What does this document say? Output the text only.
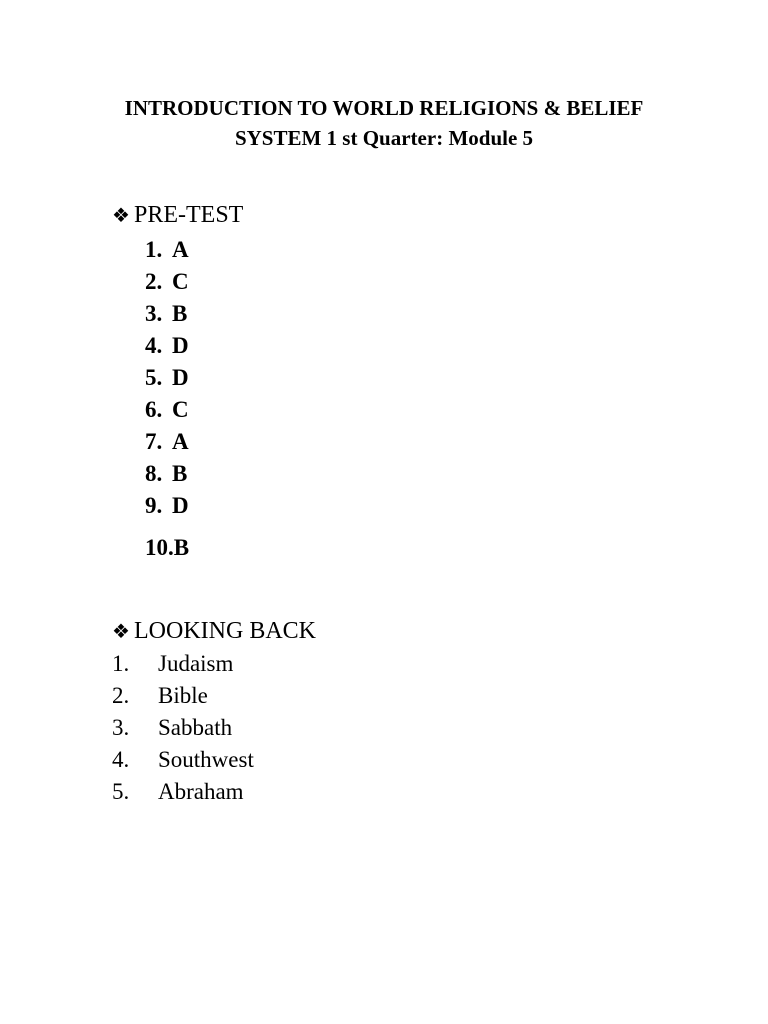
INTRODUCTION TO WORLD RELIGIONS & BELIEF
SYSTEM 1 st Quarter: Module 5
❖ PRE-TEST
1. A
2. C
3. B
4. D
5. D
6. C
7. A
8. B
9. D
10.B
❖ LOOKING BACK
1. Judaism
2. Bible
3. Sabbath
4. Southwest
5. Abraham
